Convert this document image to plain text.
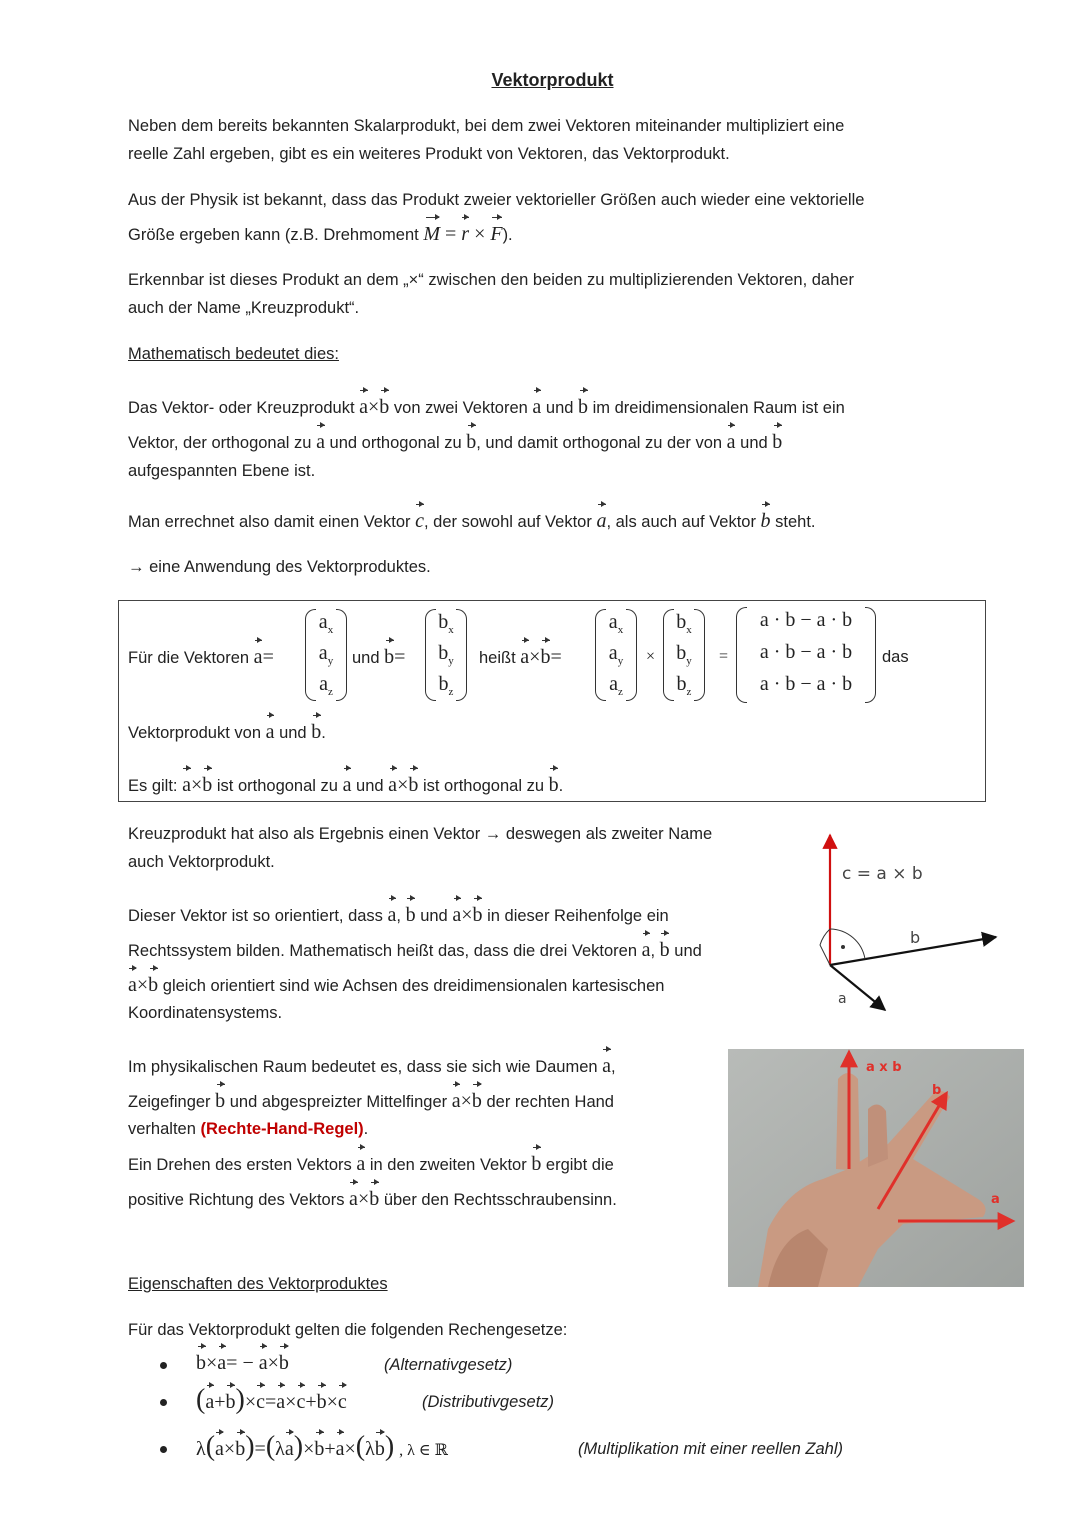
Vektorprodukt

Neben dem bereits bekannten Skalarprodukt, bei dem zwei Vektoren miteinander multipliziert eine

reelle Zahl ergeben, gibt es ein weiteres Produkt von Vektoren, das Vektorprodukt.

Aus der Physik ist bekannt, dass das Produkt zweier vektorieller Größen auch wieder eine vektorielle

Größe ergeben kann (z.B. Drehmoment M = r × F).

Erkennbar ist dieses Produkt an dem „×“ zwischen den beiden zu multiplizierenden Vektoren, daher

auch der Name „Kreuzprodukt“.

Mathematisch bedeutet dies:

Das Vektor- oder Kreuzprodukt a×b von zwei Vektoren a und b im dreidimensionalen Raum ist ein

Vektor, der orthogonal zu a und orthogonal zu b, und damit orthogonal zu der von a und b

aufgespannten Ebene ist.

Man errechnet also damit einen Vektor c, der sowohl auf Vektor a, als auch auf Vektor b steht.

→ eine Anwendung des Vektorproduktes.

Für die Vektoren a=
$a_x$
$a_y$
$a_z$
und b=
$b_x$
$b_y$
$b_z$
heißt a×b=
$a_x$
$a_y$
$a_z$
×
$b_x$
$b_y$
$b_z$
=
a · b − a · b
a · b − a · b
a · b − a · b
das
Vektorprodukt von a und b.
Es gilt: a×b ist orthogonal zu a und a×b ist orthogonal zu b.

Kreuzprodukt hat also als Ergebnis einen Vektor → deswegen als zweiter Name

auch Vektorprodukt.

Dieser Vektor ist so orientiert, dass a, b und a×b in dieser Reihenfolge ein

Rechtssystem bilden. Mathematisch heißt das, dass die drei Vektoren a, b und

a×b gleich orientiert sind wie Achsen des dreidimensionalen kartesischen

Koordinatensystems.

c = a × b
b
a

Im physikalischen Raum bedeutet es, dass sie sich wie Daumen a,

Zeigefinger b und abgespreizter Mittelfinger a×b der rechten Hand

verhalten (Rechte-Hand-Regel).

Ein Drehen des ersten Vektors a in den zweiten Vektor b ergibt die

positive Richtung des Vektors a×b über den Rechtsschraubensinn.

a x b
b
a

Eigenschaften des Vektorproduktes

Für das Vektorprodukt gelten die folgenden Rechengesetze:

b×a= − a×b	(Alternativgesetz)
(a+b)×c=a×c+b×c	(Distributivgesetz)
λ(a×b)=(λa)×b+a×(λb) , λ ∈ ℝ	(Multiplikation mit einer reellen Zahl)
